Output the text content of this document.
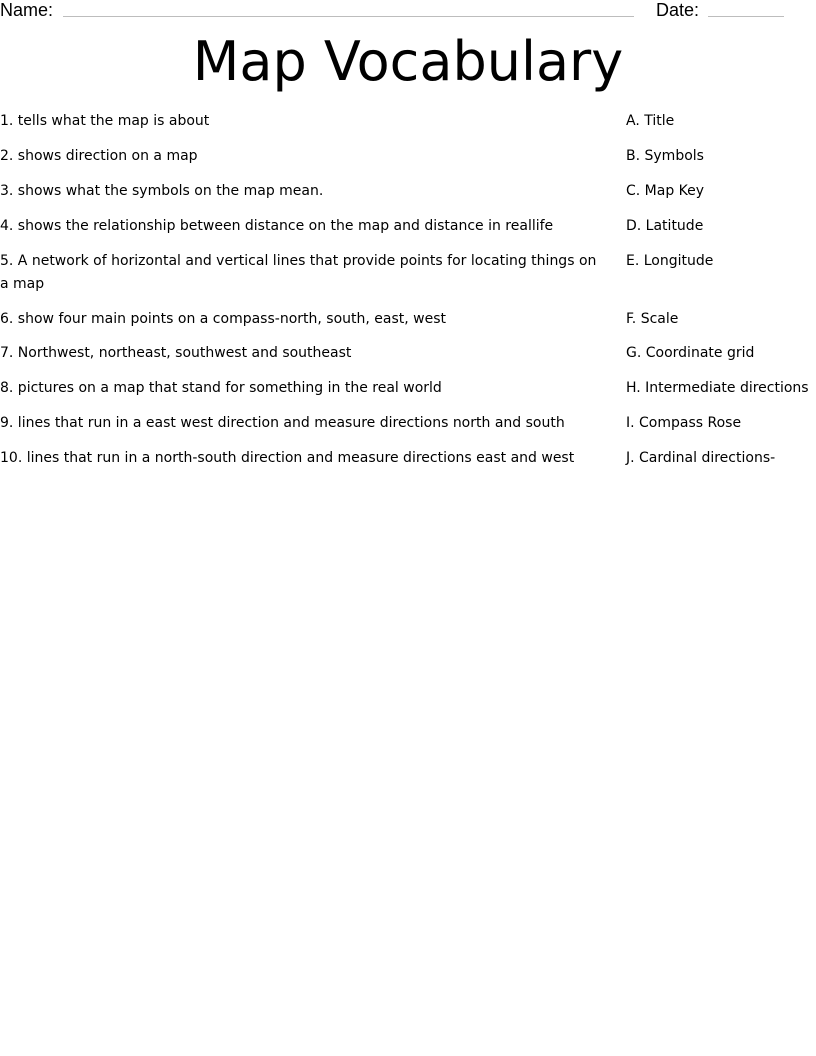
Name:	Date:
Map Vocabulary
1. tells what the map is about
2. shows direction on a map
3. shows what the symbols on the map mean.
4. shows the relationship between distance on the map and distance in reallife
5. A network of horizontal and vertical lines that provide points for locating things on a map
6. show four main points on a compass-north, south, east, west
7. Northwest, northeast, southwest and southeast
8. pictures on a map that stand for something in the real world
9. lines that run in a east west direction and measure directions north and south
10. lines that run in a north-south direction and measure directions east and west
A. Title
B. Symbols
C. Map Key
D. Latitude
E. Longitude
F. Scale
G. Coordinate grid
H. Intermediate directions
I. Compass Rose
J. Cardinal directions-
